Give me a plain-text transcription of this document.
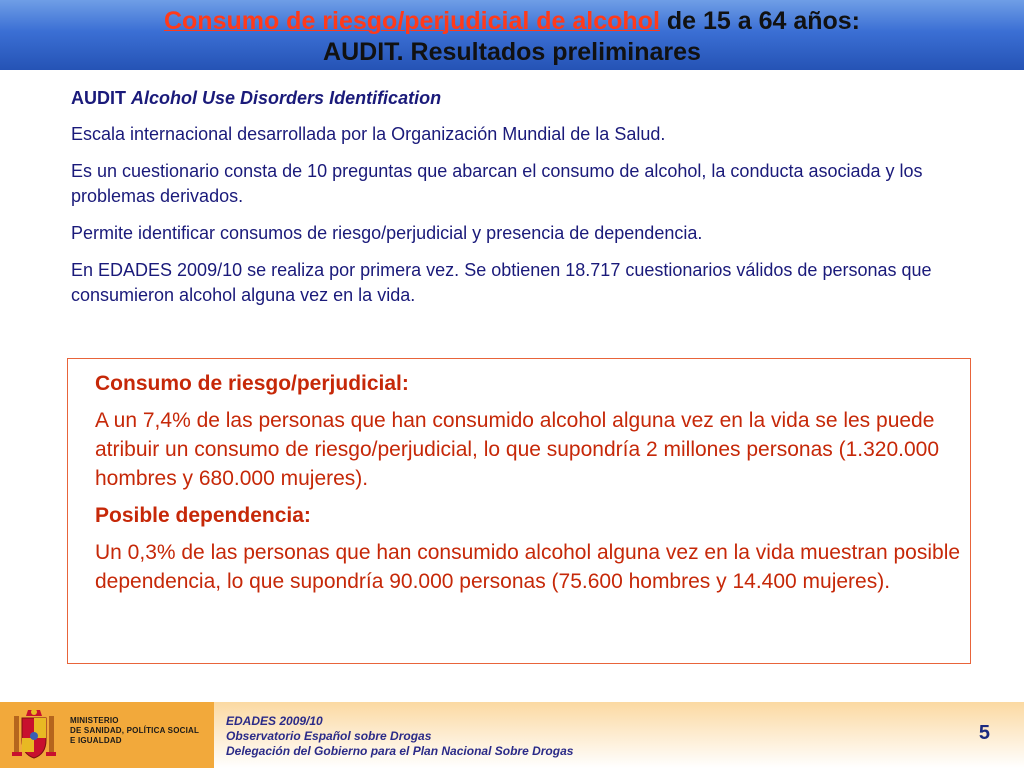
Consumo de riesgo/perjudicial de alcohol de 15 a 64 años:
AUDIT. Resultados preliminares

AUDIT Alcohol Use Disorders Identification

Escala internacional desarrollada por la Organización Mundial de la Salud.

Es un cuestionario consta de 10 preguntas que abarcan el consumo de alcohol, la conducta asociada y los problemas derivados.

Permite identificar consumos de riesgo/perjudicial y presencia de dependencia.

En EDADES 2009/10 se realiza por primera vez. Se obtienen 18.717 cuestionarios válidos de personas que consumieron alcohol alguna vez en la vida.

Consumo de riesgo/perjudicial:

A un 7,4% de las personas que han consumido alcohol alguna vez en la vida se les puede atribuir un consumo de riesgo/perjudicial, lo que supondría 2 millones personas (1.320.000 hombres y 680.000 mujeres).

Posible dependencia:

Un 0,3% de las personas que han consumido alcohol alguna vez en la vida muestran posible dependencia, lo que supondría 90.000 personas (75.600 hombres y 14.400 mujeres).

MINISTERIO
DE SANIDAD, POLÍTICA SOCIAL
E IGUALDAD
EDADES 2009/10
Observatorio Español sobre Drogas
Delegación del Gobierno para el Plan Nacional Sobre Drogas
5
